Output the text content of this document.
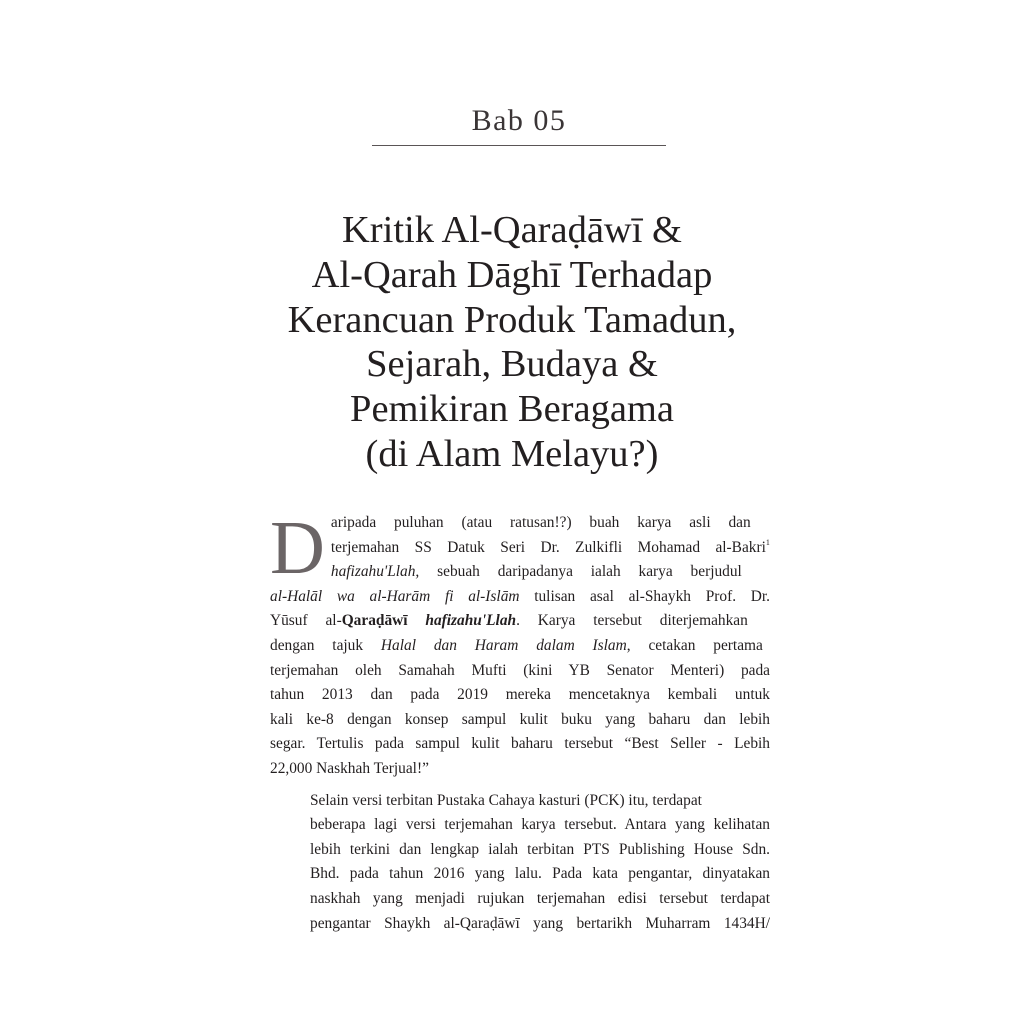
Bab 05
Kritik Al-Qaraḍāwī &
Al-Qarah Dāghī Terhadap
Kerancuan Produk Tamadun,
Sejarah, Budaya &
Pemikiran Beragama
(di Alam Melayu?)

D aripada puluhan (atau ratusan!?) buah karya asli dan
terjemahan SS Datuk Seri Dr. Zulkifli Mohamad al-Bakri$^1$
hafizahu'Llah, sebuah daripadanya ialah karya berjudul
al-Halāl wa al-Harām fi al-Islām tulisan asal al-Shaykh Prof. Dr.
Yūsuf al-Qaraḍāwī hafizahu'Llah. Karya tersebut diterjemahkan
dengan tajuk Halal dan Haram dalam Islam, cetakan pertama
terjemahan oleh Samahah Mufti (kini YB Senator Menteri) pada
tahun 2013 dan pada 2019 mereka mencetaknya kembali untuk
kali ke-8 dengan konsep sampul kulit buku yang baharu dan lebih
segar. Tertulis pada sampul kulit baharu tersebut “Best Seller - Lebih
22,000 Naskhah Terjual!”

Selain versi terbitan Pustaka Cahaya kasturi (PCK) itu, terdapat
beberapa lagi versi terjemahan karya tersebut. Antara yang kelihatan
lebih terkini dan lengkap ialah terbitan PTS Publishing House Sdn.
Bhd. pada tahun 2016 yang lalu. Pada kata pengantar, dinyatakan
naskhah yang menjadi rujukan terjemahan edisi tersebut terdapat
pengantar Shaykh al-Qaraḍāwī yang bertarikh Muharram 1434H/
